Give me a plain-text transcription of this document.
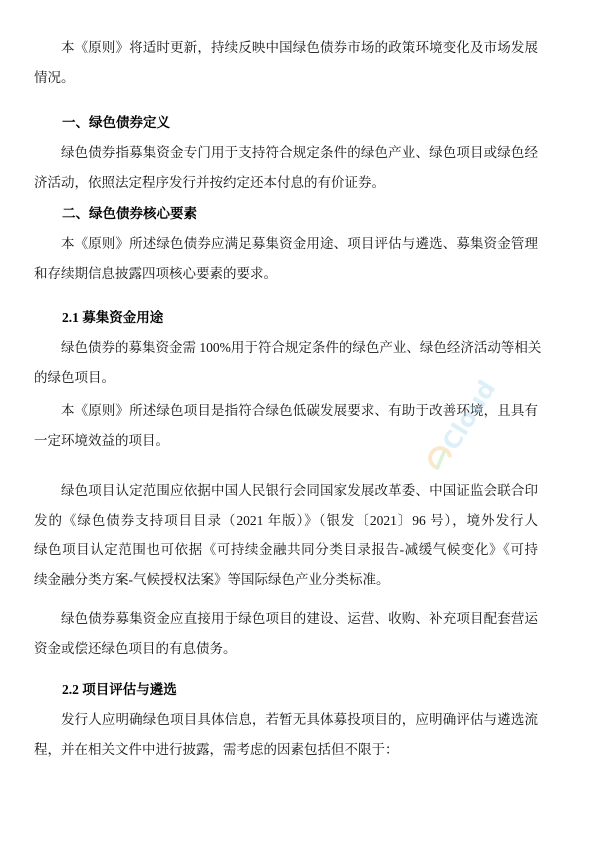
本《原则》将适时更新，持续反映中国绿色债券市场的政策环境变化及市场发展
情况。
一、绿色债券定义
绿色债券指募集资金专门用于支持符合规定条件的绿色产业、绿色项目或绿色经
济活动，依照法定程序发行并按约定还本付息的有价证券。
二、绿色债券核心要素
本《原则》所述绿色债券应满足募集资金用途、项目评估与遴选、募集资金管理
和存续期信息披露四项核心要素的要求。
2.1 募集资金用途
绿色债券的募集资金需 100%用于符合规定条件的绿色产业、绿色经济活动等相关
的绿色项目。
本《原则》所述绿色项目是指符合绿色低碳发展要求、有助于改善环境，且具有
一定环境效益的项目。
绿色项目认定范围应依据中国人民银行会同国家发展改革委、中国证监会联合印
发的《绿色债券支持项目目录（2021 年版）》（银发〔2021〕96 号），境外发行人
绿色项目认定范围也可依据《可持续金融共同分类目录报告-减缓气候变化》《可持
续金融分类方案-气候授权法案》等国际绿色产业分类标准。
绿色债券募集资金应直接用于绿色项目的建设、运营、收购、补充项目配套营运
资金或偿还绿色项目的有息债务。
2.2 项目评估与遴选
发行人应明确绿色项目具体信息，若暂无具体募投项目的，应明确评估与遴选流
程，并在相关文件中进行披露，需考虑的因素包括但不限于：
Cloud
